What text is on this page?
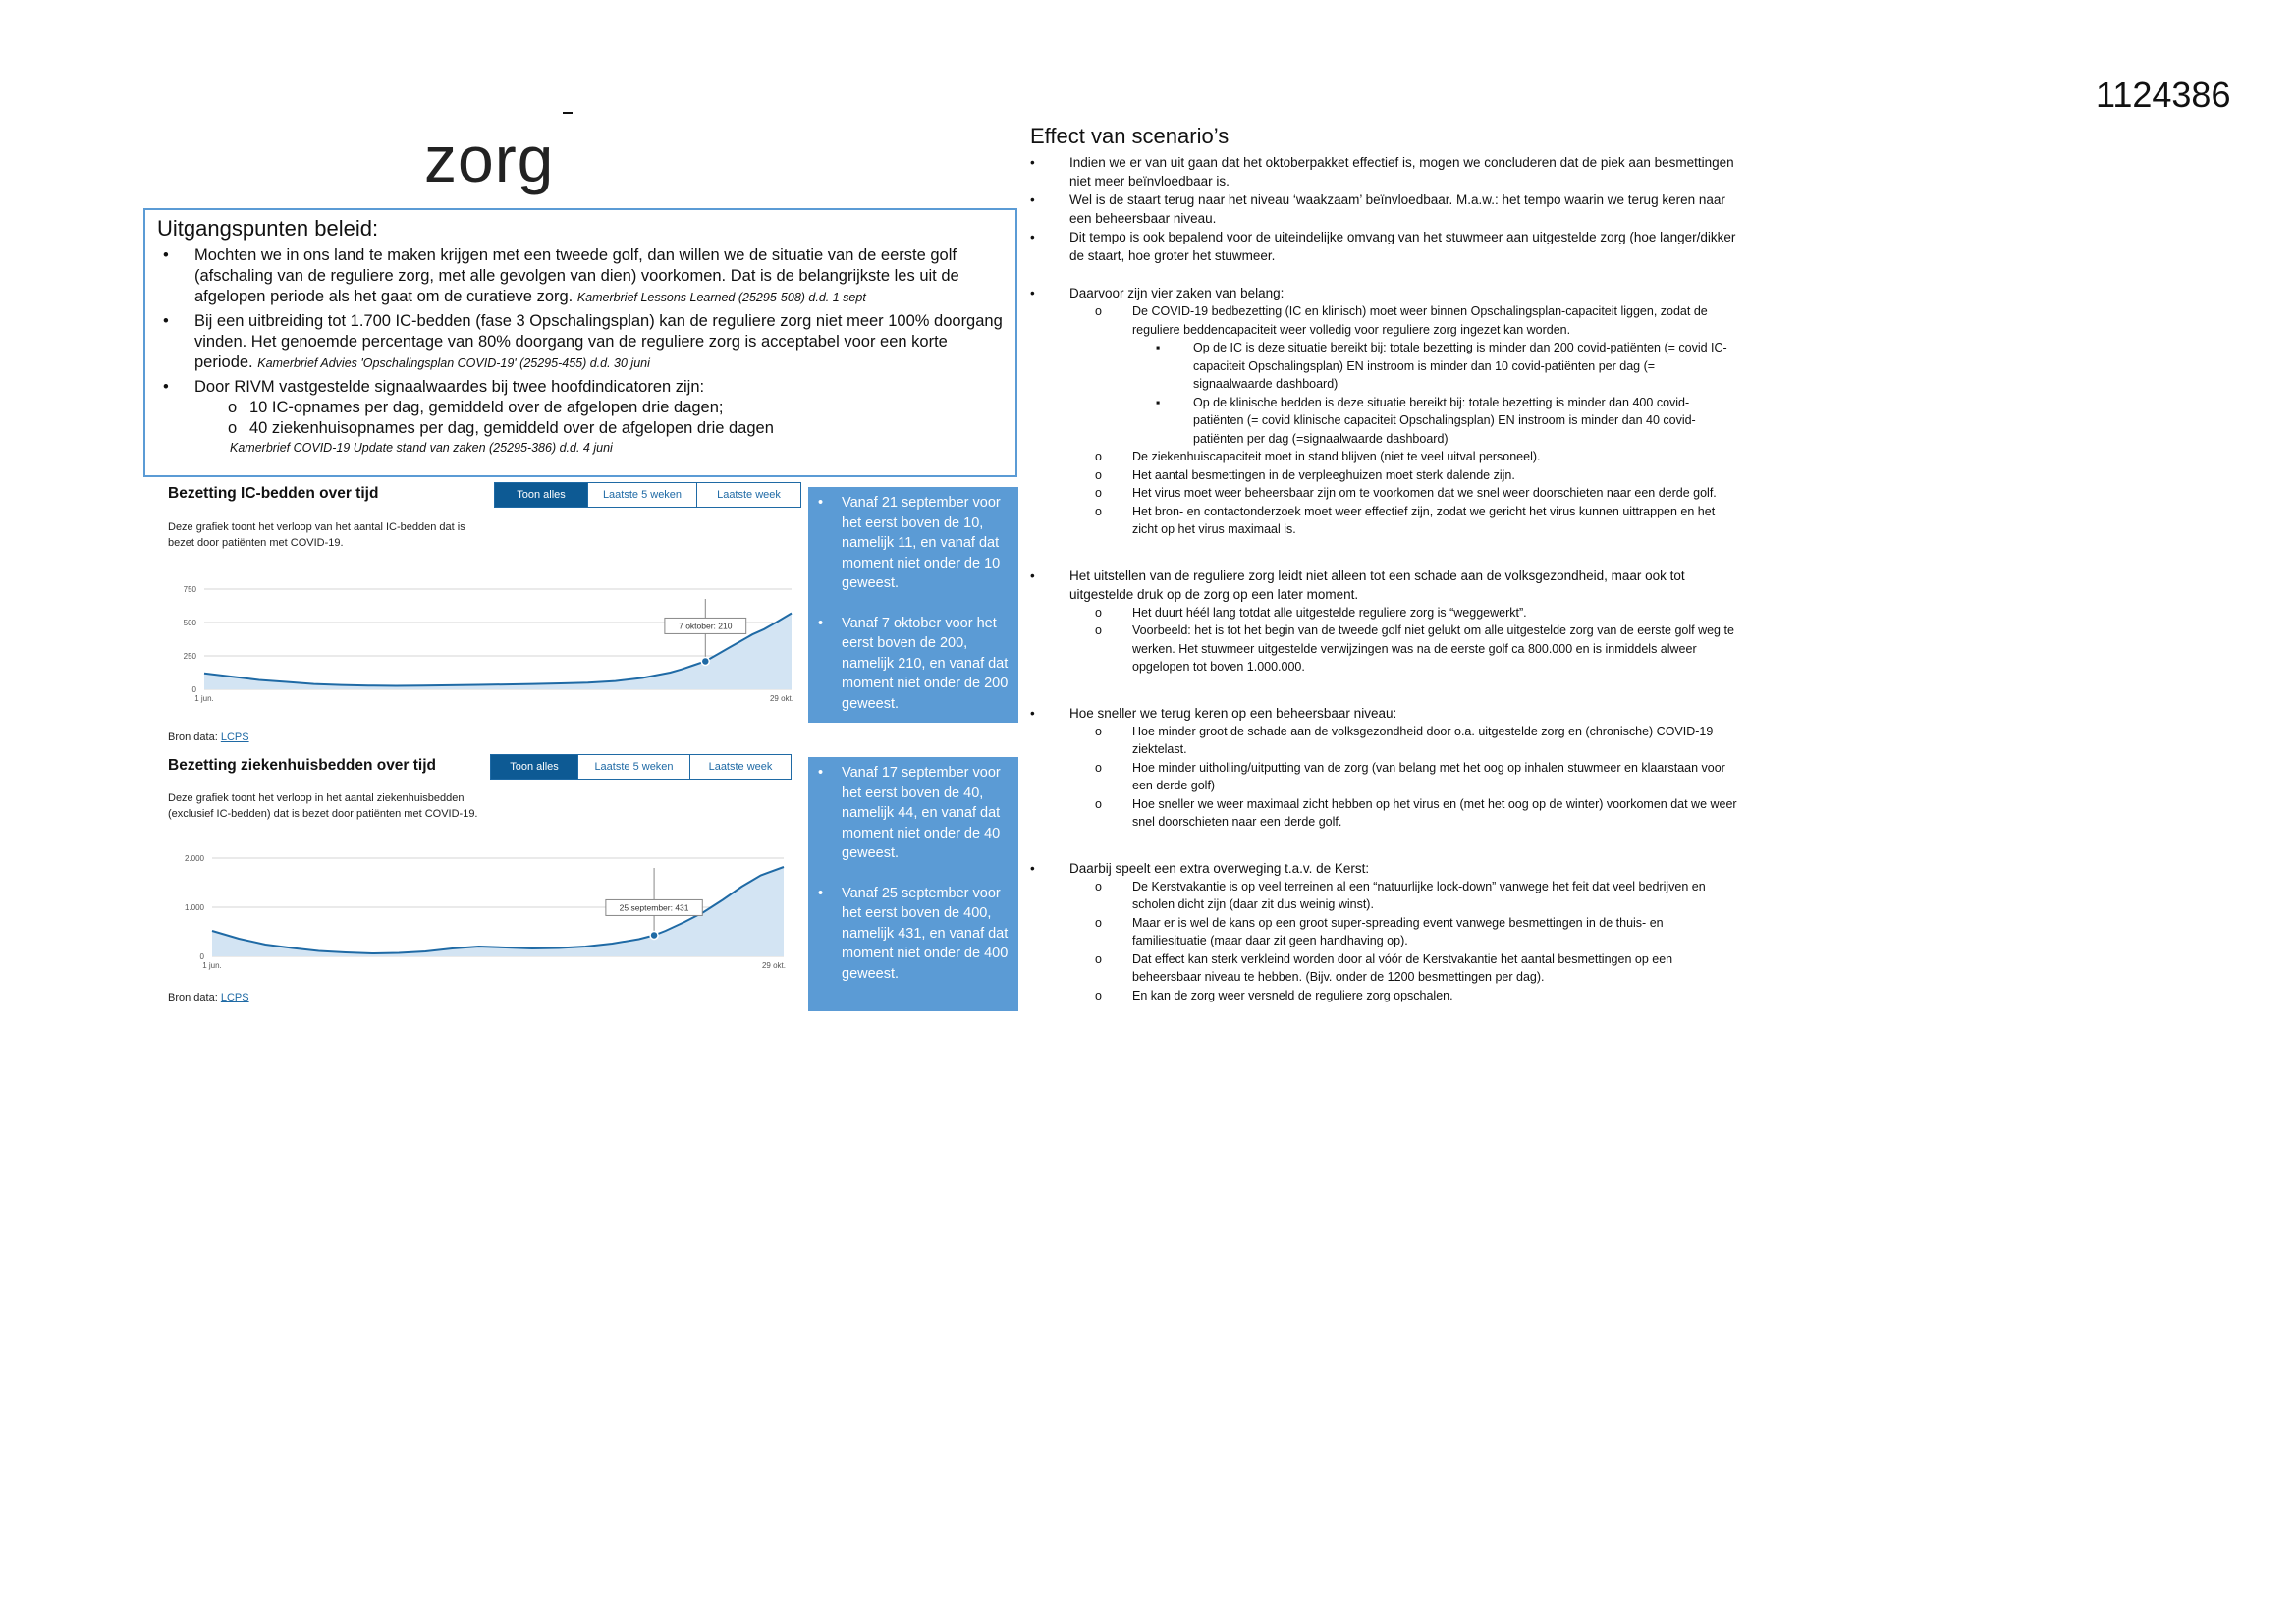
1124386
zorg
Uitgangspunten beleid:
• Mochten we in ons land te maken krijgen met een tweede golf, dan willen we de situatie van de eerste golf (afschaling van de reguliere zorg, met alle gevolgen van dien) voorkomen. Dat is de belangrijkste les uit de afgelopen periode als het gaat om de curatieve zorg. Kamerbrief Lessons Learned (25295-508) d.d. 1 sept
• Bij een uitbreiding tot 1.700 IC-bedden (fase 3 Opschalingsplan) kan de reguliere zorg niet meer 100% doorgang vinden. Het genoemde percentage van 80% doorgang van de reguliere zorg is acceptabel voor een korte periode. Kamerbrief Advies 'Opschalingsplan COVID-19' (25295-455) d.d. 30 juni
• Door RIVM vastgestelde signaalwaardes bij twee hoofdindicatoren zijn:
o 10 IC-opnames per dag, gemiddeld over de afgelopen drie dagen;
o 40 ziekenhuisopnames per dag, gemiddeld over de afgelopen drie dagen
Kamerbrief COVID-19 Update stand van zaken (25295-386) d.d. 4 juni
Bezetting IC-bedden over tijd	Toon alles	Laatste 5 weken	Laatste week
Deze grafiek toont het verloop van het aantal IC-bedden dat is bezet door patiënten met COVID-19.
0
250
500
750
1 jun.	29 okt.
7 oktober: 210
Bron data: LCPS
• Vanaf 21 september voor het eerst boven de 10, namelijk 11, en vanaf dat moment niet onder de 10 geweest.
• Vanaf 7 oktober voor het eerst boven de 200, namelijk 210, en vanaf dat moment niet onder de 200 geweest.
Bezetting ziekenhuisbedden over tijd	Toon alles	Laatste 5 weken	Laatste week
Deze grafiek toont het verloop in het aantal ziekenhuisbedden (exclusief IC-bedden) dat is bezet door patiënten met COVID-19.
0
1.000
2.000
1 jun.	29 okt.
25 september: 431
Bron data: LCPS
• Vanaf 17 september voor het eerst boven de 40, namelijk 44, en vanaf dat moment niet onder de 40 geweest.
• Vanaf 25 september voor het eerst boven de 400, namelijk 431, en vanaf dat moment niet onder de 400 geweest.
Effect van scenario’s
•	Indien we er van uit gaan dat het oktoberpakket effectief is, mogen we concluderen dat de piek aan besmettingen niet meer beïnvloedbaar is.
•	Wel is de staart terug naar het niveau ‘waakzaam’ beïnvloedbaar. M.a.w.: het tempo waarin we terug keren naar een beheersbaar niveau.
•	Dit tempo is ook bepalend voor de uiteindelijke omvang van het stuwmeer aan uitgestelde zorg (hoe langer/dikker de staart, hoe groter het stuwmeer.
•	Daarvoor zijn vier zaken van belang:
o De COVID-19 bedbezetting (IC en klinisch) moet weer binnen Opschalingsplan-capaciteit liggen, zodat de reguliere beddencapaciteit weer volledig voor reguliere zorg ingezet kan worden.
▪	Op de IC is deze situatie bereikt bij: totale bezetting is minder dan 200 covid-patiënten (= covid IC-capaciteit Opschalingsplan) EN instroom is minder dan 10 covid-patiënten per dag (= signaalwaarde dashboard)
▪	Op de klinische bedden is deze situatie bereikt bij: totale bezetting is minder dan 400 covid-patiënten (= covid klinische capaciteit Opschalingsplan) EN instroom is minder dan 40 covid-patiënten per dag (=signaalwaarde dashboard)
o De ziekenhuiscapaciteit moet in stand blijven (niet te veel uitval personeel).
o Het aantal besmettingen in de verpleeghuizen moet sterk dalende zijn.
o Het virus moet weer beheersbaar zijn om te voorkomen dat we snel weer doorschieten naar een derde golf.
o Het bron- en contactonderzoek moet weer effectief zijn, zodat we gericht het virus kunnen uittrappen en het zicht op het virus maximaal is.
•	Het uitstellen van de reguliere zorg leidt niet alleen tot een schade aan de volksgezondheid, maar ook tot uitgestelde druk op de zorg op een later moment.
o Het duurt héél lang totdat alle uitgestelde reguliere zorg is “weggewerkt”.
o Voorbeeld: het is tot het begin van de tweede golf niet gelukt om alle uitgestelde zorg van de eerste golf weg te werken. Het stuwmeer uitgestelde verwijzingen was na de eerste golf ca 800.000 en is inmiddels alweer opgelopen tot boven 1.000.000.
•	Hoe sneller we terug keren op een beheersbaar niveau:
o Hoe minder groot de schade aan de volksgezondheid door o.a. uitgestelde zorg en (chronische) COVID-19 ziektelast.
o Hoe minder uitholling/uitputting van de zorg (van belang met het oog op inhalen stuwmeer en klaarstaan voor een derde golf)
o Hoe sneller we weer maximaal zicht hebben op het virus en (met het oog op de winter) voorkomen dat we weer snel doorschieten naar een derde golf.
•	Daarbij speelt een extra overweging t.a.v. de Kerst:
o De Kerstvakantie is op veel terreinen al een “natuurlijke lock-down” vanwege het feit dat veel bedrijven en scholen dicht zijn (daar zit dus weinig winst).
o Maar er is wel de kans op een groot super-spreading event vanwege besmettingen in de thuis- en familiesituatie (maar daar zit geen handhaving op).
o Dat effect kan sterk verkleind worden door al vóór de Kerstvakantie het aantal besmettingen op een beheersbaar niveau te hebben. (Bijv. onder de 1200 besmettingen per dag).
o En kan de zorg weer versneld de reguliere zorg opschalen.
